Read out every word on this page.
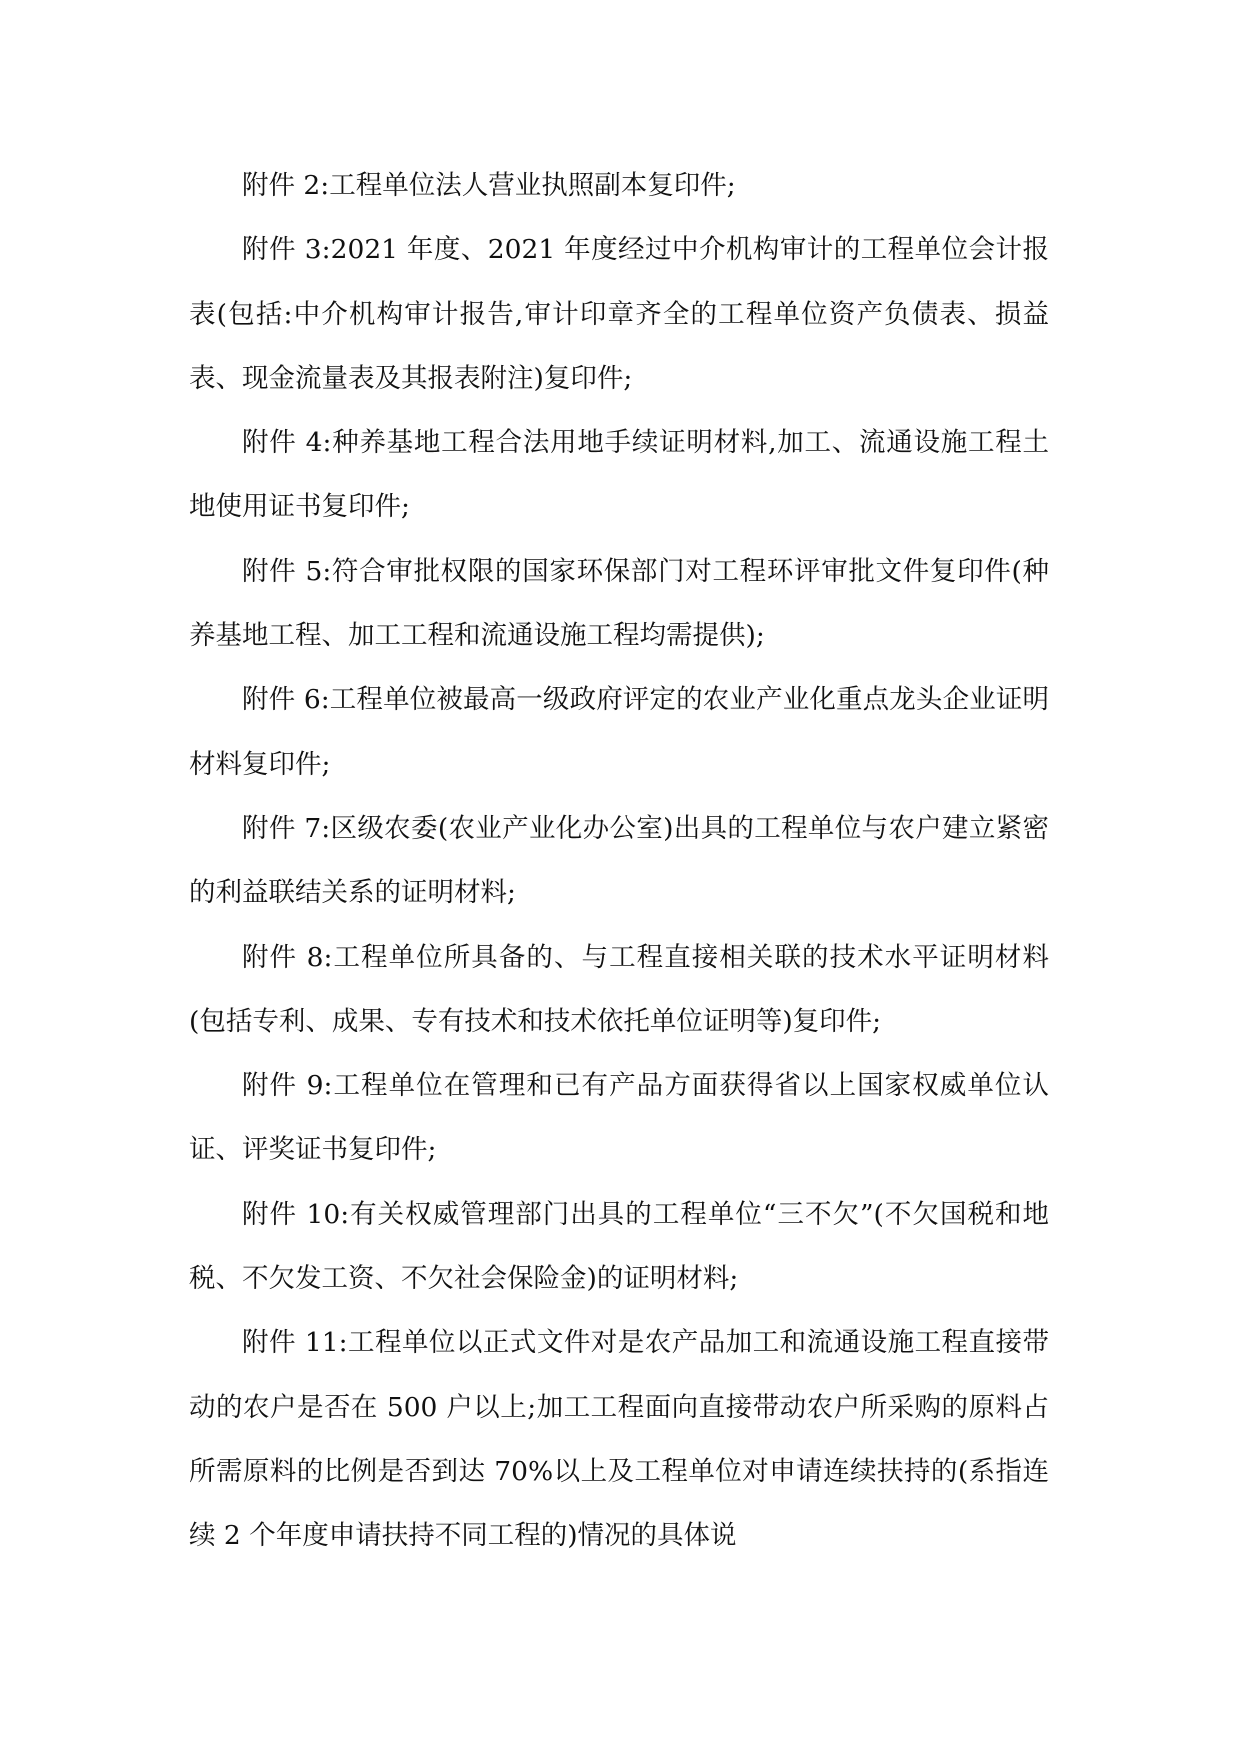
附件 2:工程单位法人营业执照副本复印件;

附件 3:2021 年度、2021 年度经过中介机构审计的工程单位会计报表(包括:中介机构审计报告,审计印章齐全的工程单位资产负债表、损益表、现金流量表及其报表附注)复印件;

附件 4:种养基地工程合法用地手续证明材料,加工、流通设施工程土地使用证书复印件;

附件 5:符合审批权限的国家环保部门对工程环评审批文件复印件(种养基地工程、加工工程和流通设施工程均需提供);

附件 6:工程单位被最高一级政府评定的农业产业化重点龙头企业证明材料复印件;

附件 7:区级农委(农业产业化办公室)出具的工程单位与农户建立紧密的利益联结关系的证明材料;

附件 8:工程单位所具备的、与工程直接相关联的技术水平证明材料(包括专利、成果、专有技术和技术依托单位证明等)复印件;

附件 9:工程单位在管理和已有产品方面获得省以上国家权威单位认证、评奖证书复印件;

附件 10:有关权威管理部门出具的工程单位“三不欠”(不欠国税和地税、不欠发工资、不欠社会保险金)的证明材料;

附件 11:工程单位以正式文件对是农产品加工和流通设施工程直接带动的农户是否在 500 户以上;加工工程面向直接带动农户所采购的原料占所需原料的比例是否到达 70%以上及工程单位对申请连续扶持的(系指连续 2 个年度申请扶持不同工程的)情况的具体说
